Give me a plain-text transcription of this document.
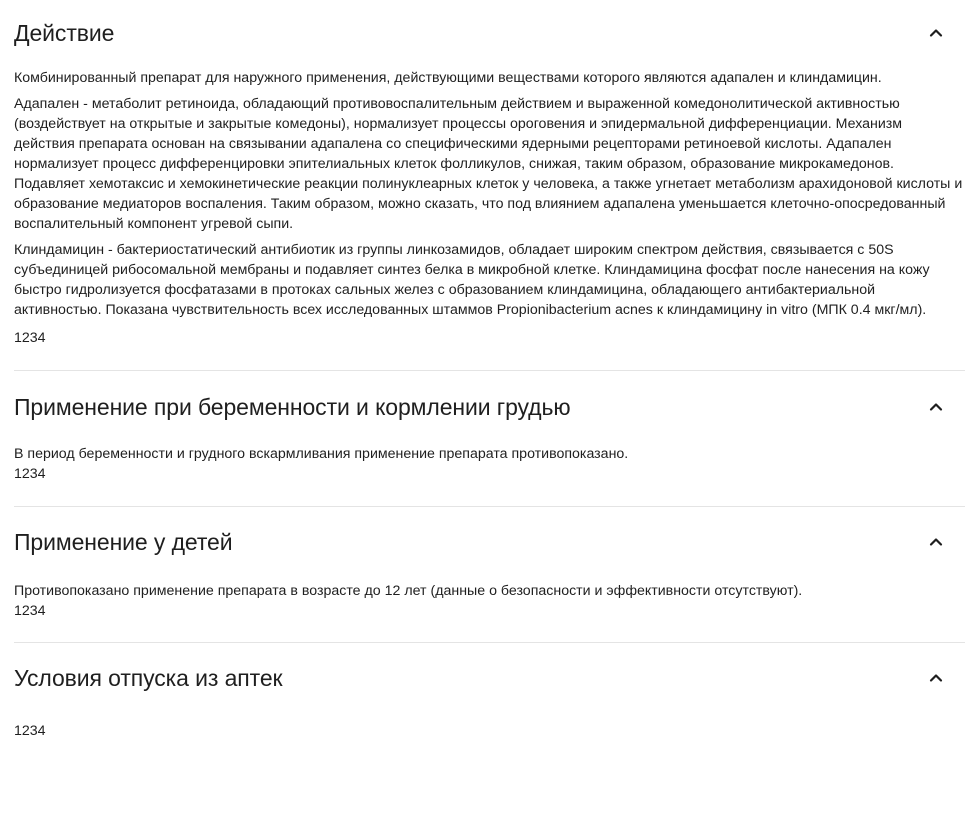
Действие

Комбинированный препарат для наружного применения, действующими веществами которого являются адапален и клиндамицин.

Адапален - метаболит ретиноида, обладающий противовоспалительным действием и выраженной комедонолитической активностью (воздействует на открытые и закрытые комедоны), нормализует процессы ороговения и эпидермальной дифференциации. Механизм действия препарата основан на связывании адапалена со специфическими ядерными рецепторами ретиноевой кислоты. Адапален нормализует процесс дифференцировки эпителиальных клеток фолликулов, снижая, таким образом, образование микрокамедонов. Подавляет хемотаксис и хемокинетические реакции полинуклеарных клеток у человека, а также угнетает метаболизм арахидоновой кислоты и образование медиаторов воспаления. Таким образом, можно сказать, что под влиянием адапалена уменьшается клеточно-опосредованный воспалительный компонент угревой сыпи.

Клиндамицин - бактериостатический антибиотик из группы линкозамидов, обладает широким спектром действия, связывается с 50S субъединицей рибосомальной мембраны и подавляет синтез белка в микробной клетке. Клиндамицина фосфат после нанесения на кожу быстро гидролизуется фосфатазами в протоках сальных желез с образованием клиндамицина, обладающего антибактериальной активностью. Показана чувствительность всех исследованных штаммов Propionibacterium acnes к клиндамицину in vitro (МПК 0.4 мкг/мл).

1234
Применение при беременности и кормлении грудью

В период беременности и грудного вскармливания применение препарата противопоказано.

1234
Применение у детей

Противопоказано применение препарата в возрасте до 12 лет (данные о безопасности и эффективности отсутствуют).

1234
Условия отпуска из аптек
1234
